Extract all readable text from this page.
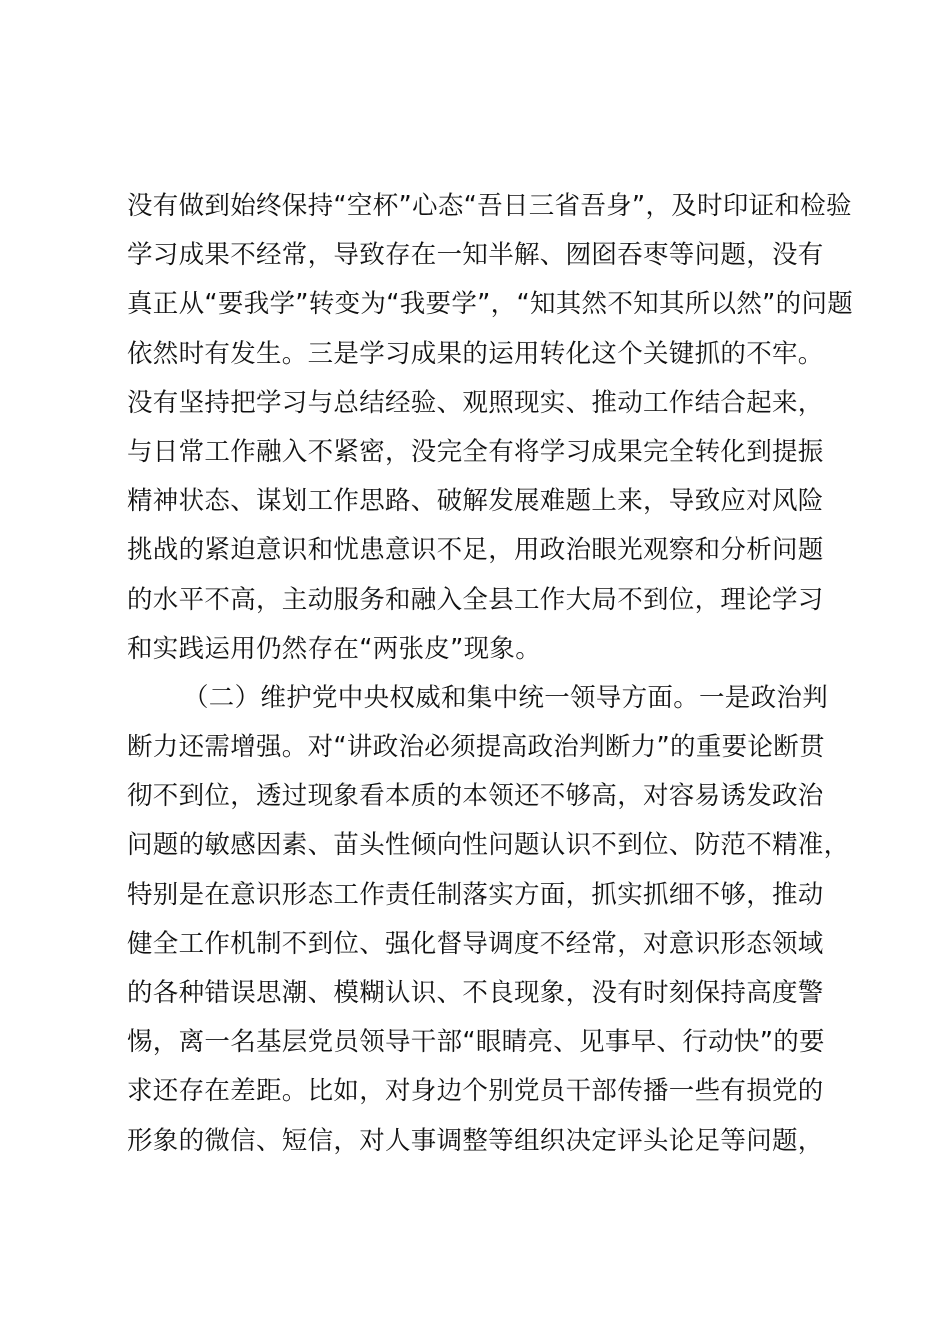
没有做到始终保持“空杯”心态“吾日三省吾身”，及时印证和检验
学习成果不经常，导致存在一知半解、囫囵吞枣等问题，没有
真正从“要我学”转变为“我要学”，“知其然不知其所以然”的问题
依然时有发生。三是学习成果的运用转化这个关键抓的不牢。
没有坚持把学习与总结经验、观照现实、推动工作结合起来，
与日常工作融入不紧密，没完全有将学习成果完全转化到提振
精神状态、谋划工作思路、破解发展难题上来，导致应对风险
挑战的紧迫意识和忧患意识不足，用政治眼光观察和分析问题
的水平不高，主动服务和融入全县工作大局不到位，理论学习
和实践运用仍然存在“两张皮”现象。
（二）维护党中央权威和集中统一领导方面。一是政治判
断力还需增强。对“讲政治必须提高政治判断力”的重要论断贯
彻不到位，透过现象看本质的本领还不够高，对容易诱发政治
问题的敏感因素、苗头性倾向性问题认识不到位、防范不精准，
特别是在意识形态工作责任制落实方面，抓实抓细不够，推动
健全工作机制不到位、强化督导调度不经常，对意识形态领域
的各种错误思潮、模糊认识、不良现象，没有时刻保持高度警
惕，离一名基层党员领导干部“眼睛亮、见事早、行动快”的要
求还存在差距。比如，对身边个别党员干部传播一些有损党的
形象的微信、短信，对人事调整等组织决定评头论足等问题，
